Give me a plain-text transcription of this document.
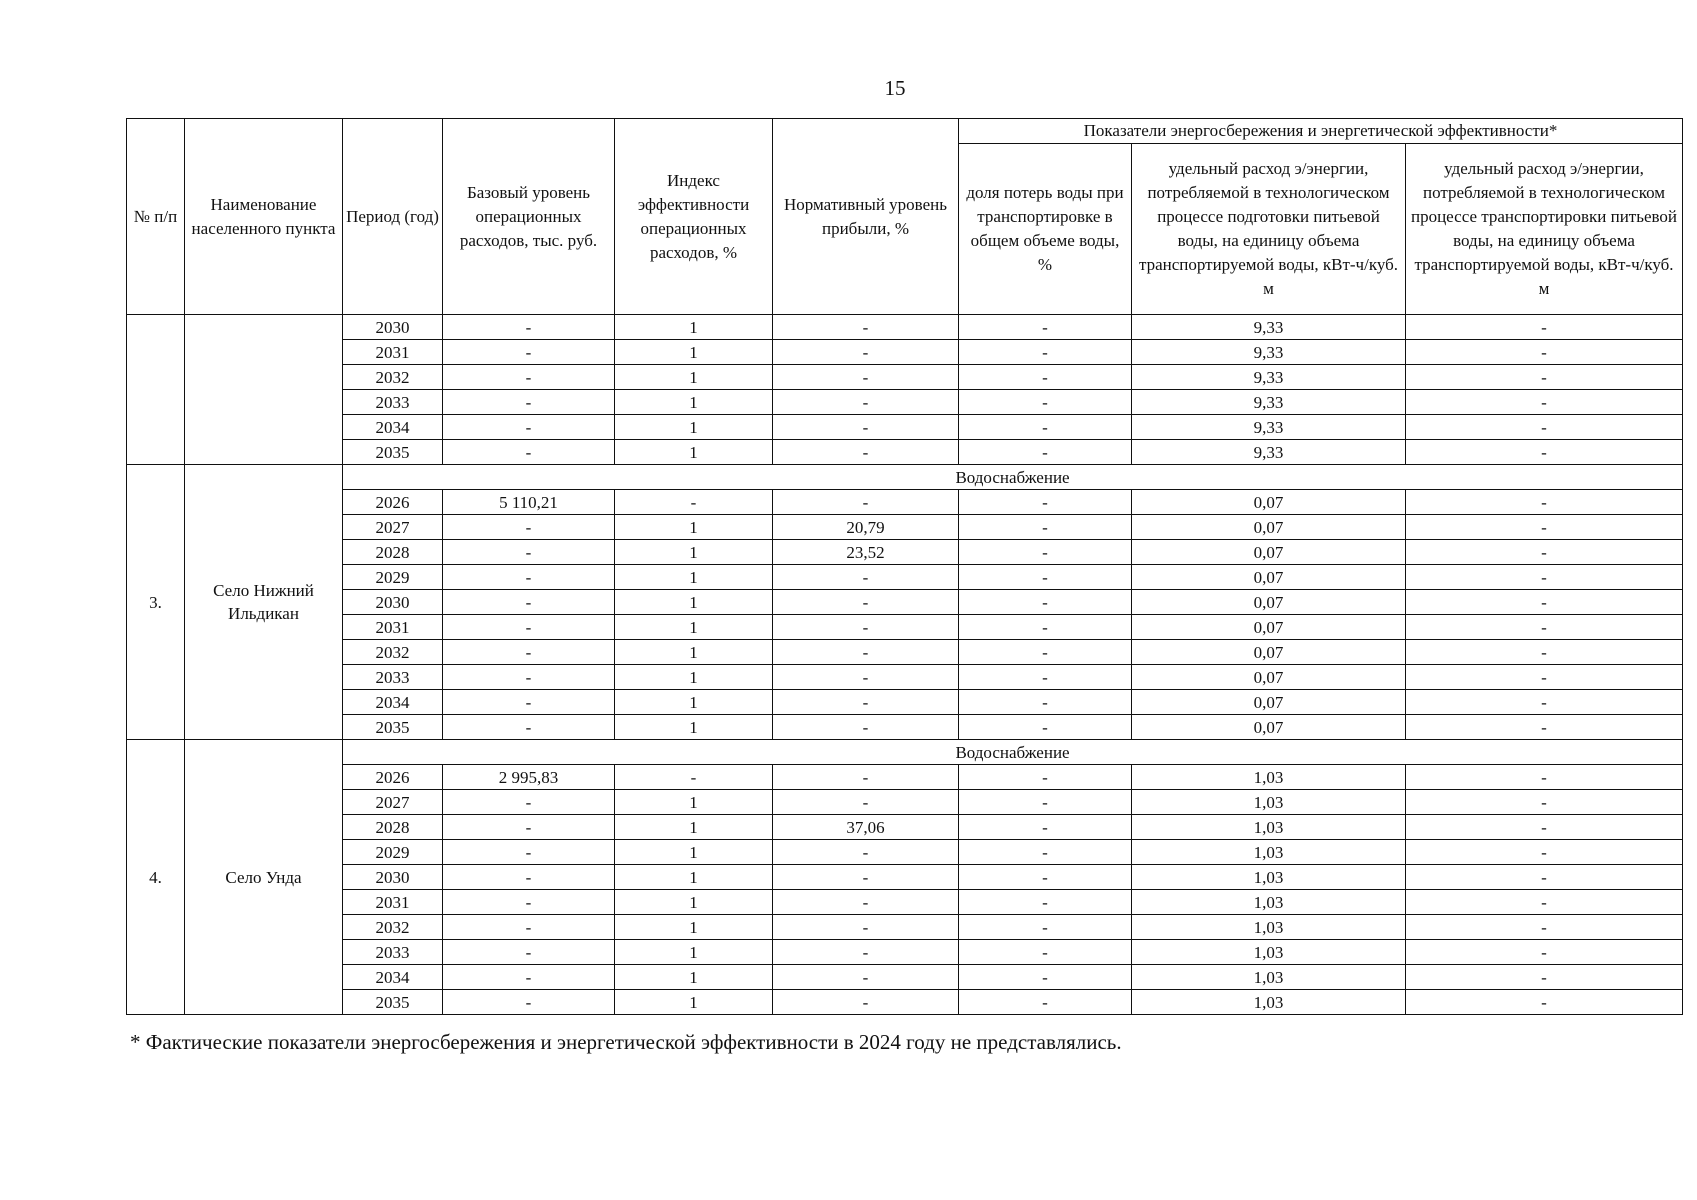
15
№ п/п	Наименование населенного пункта	Период (год)	Базовый уровень операционных расходов, тыс. руб.	Индекс эффективности операционных расходов, %	Нормативный уровень прибыли, %	Показатели энергосбережения и энергетической эффективности*		
						доля потерь воды при транспортировке в общем объеме воды, %	удельный расход э/энергии, потребляемой в технологическом процессе подготовки питьевой воды, на единицу объема транспортируемой воды, кВт-ч/куб. м	удельный расход э/энергии, потребляемой в технологическом процессе транспортировки питьевой воды, на единицу объема транспортируемой воды, кВт-ч/куб. м
		2030	-	1	-	-	9,33	-
		2031	-	1	-	-	9,33	-
		2032	-	1	-	-	9,33	-
		2033	-	1	-	-	9,33	-
		2034	-	1	-	-	9,33	-
		2035	-	1	-	-	9,33	-
3.	Село Нижний Ильдикан	Водоснабжение						
		2026	5 110,21	-	-	-	0,07	-
		2027	-	1	20,79	-	0,07	-
		2028	-	1	23,52	-	0,07	-
		2029	-	1	-	-	0,07	-
		2030	-	1	-	-	0,07	-
		2031	-	1	-	-	0,07	-
		2032	-	1	-	-	0,07	-
		2033	-	1	-	-	0,07	-
		2034	-	1	-	-	0,07	-
		2035	-	1	-	-	0,07	-
4.	Село Унда	Водоснабжение						
		2026	2 995,83	-	-	-	1,03	-
		2027	-	1	-	-	1,03	-
		2028	-	1	37,06	-	1,03	-
		2029	-	1	-	-	1,03	-
		2030	-	1	-	-	1,03	-
		2031	-	1	-	-	1,03	-
		2032	-	1	-	-	1,03	-
		2033	-	1	-	-	1,03	-
		2034	-	1	-	-	1,03	-
		2035	-	1	-	-	1,03	-
* Фактические показатели энергосбережения и энергетической эффективности в 2024 году не представлялись.
